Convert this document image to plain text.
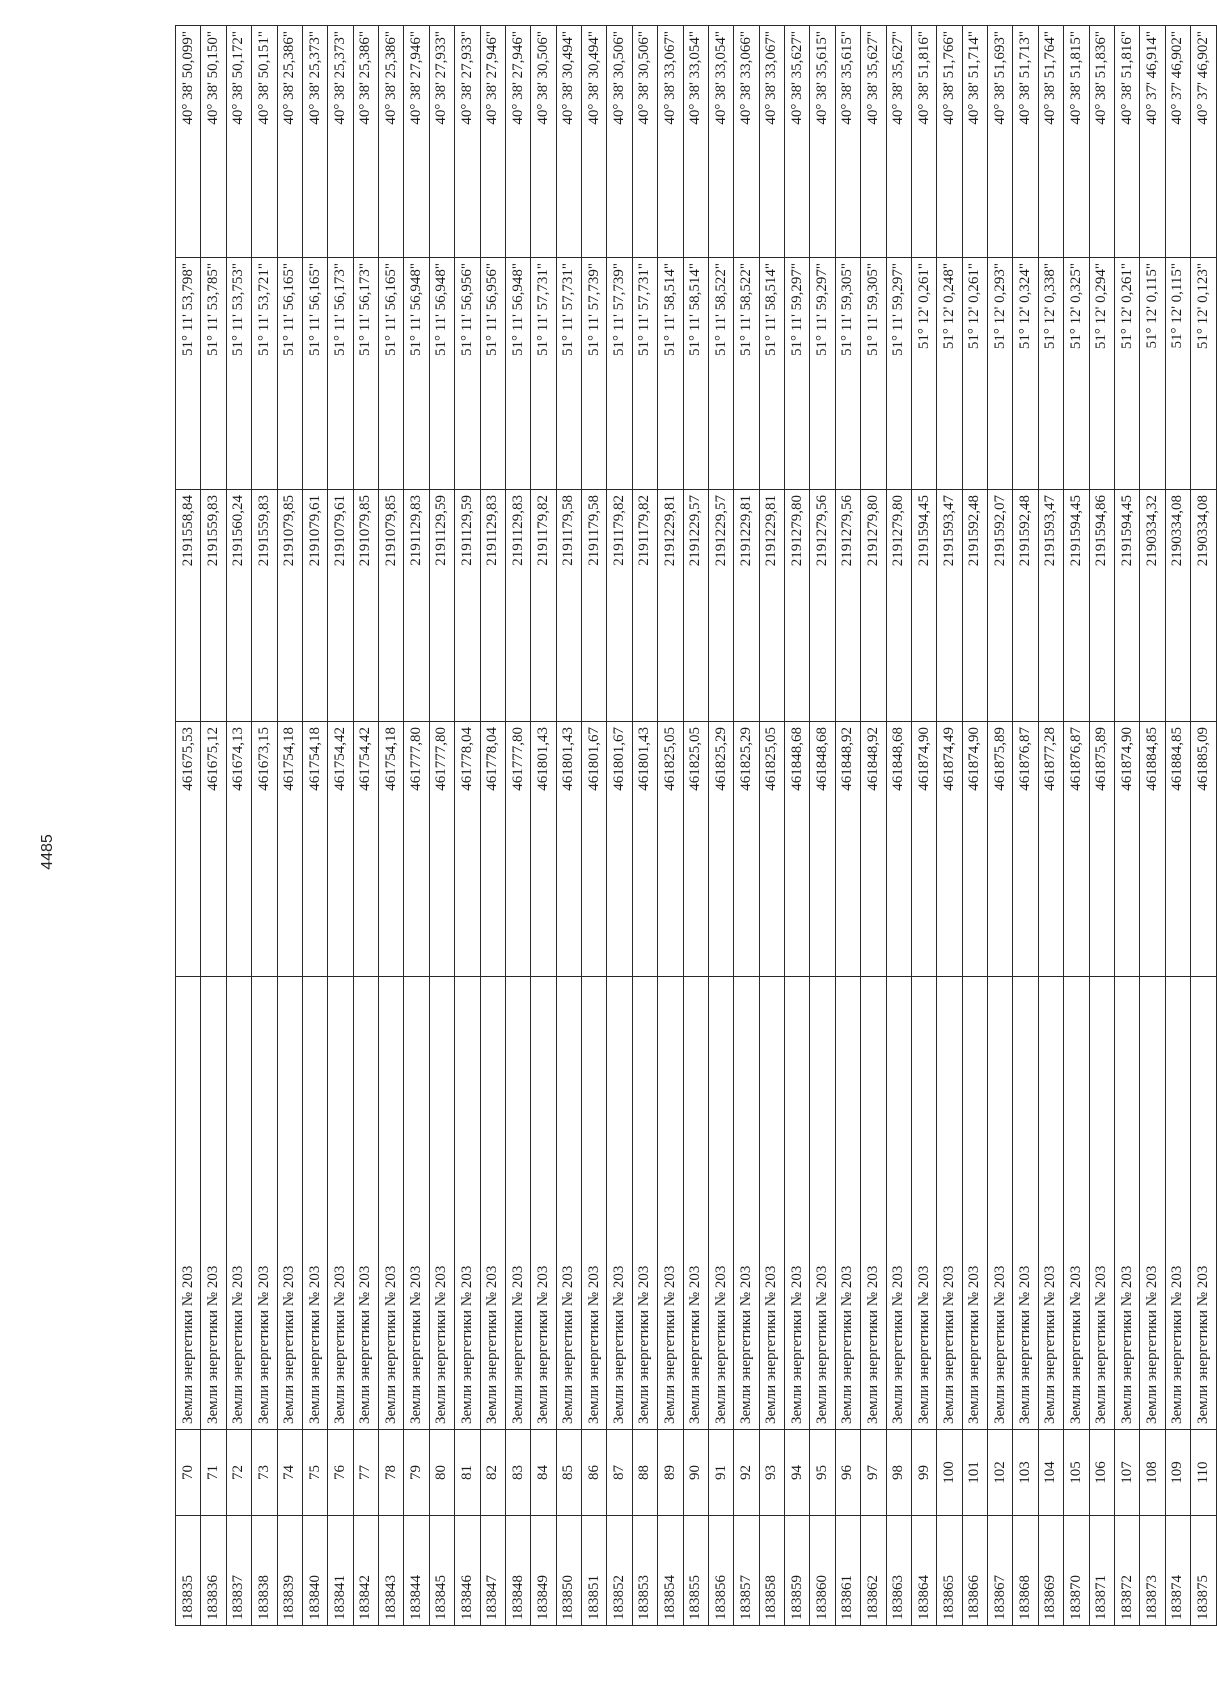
4485
183835	70	Земли энергетики № 203	461675,53	2191558,84	51° 11' 53,798"	40° 38' 50,099"
183836	71	Земли энергетики № 203	461675,12	2191559,83	51° 11' 53,785"	40° 38' 50,150"
183837	72	Земли энергетики № 203	461674,13	2191560,24	51° 11' 53,753"	40° 38' 50,172"
183838	73	Земли энергетики № 203	461673,15	2191559,83	51° 11' 53,721"	40° 38' 50,151"
183839	74	Земли энергетики № 203	461754,18	2191079,85	51° 11' 56,165"	40° 38' 25,386"
183840	75	Земли энергетики № 203	461754,18	2191079,61	51° 11' 56,165"	40° 38' 25,373"
183841	76	Земли энергетики № 203	461754,42	2191079,61	51° 11' 56,173"	40° 38' 25,373"
183842	77	Земли энергетики № 203	461754,42	2191079,85	51° 11' 56,173"	40° 38' 25,386"
183843	78	Земли энергетики № 203	461754,18	2191079,85	51° 11' 56,165"	40° 38' 25,386"
183844	79	Земли энергетики № 203	461777,80	2191129,83	51° 11' 56,948"	40° 38' 27,946"
183845	80	Земли энергетики № 203	461777,80	2191129,59	51° 11' 56,948"	40° 38' 27,933"
183846	81	Земли энергетики № 203	461778,04	2191129,59	51° 11' 56,956"	40° 38' 27,933"
183847	82	Земли энергетики № 203	461778,04	2191129,83	51° 11' 56,956"	40° 38' 27,946"
183848	83	Земли энергетики № 203	461777,80	2191129,83	51° 11' 56,948"	40° 38' 27,946"
183849	84	Земли энергетики № 203	461801,43	2191179,82	51° 11' 57,731"	40° 38' 30,506"
183850	85	Земли энергетики № 203	461801,43	2191179,58	51° 11' 57,731"	40° 38' 30,494"
183851	86	Земли энергетики № 203	461801,67	2191179,58	51° 11' 57,739"	40° 38' 30,494"
183852	87	Земли энергетики № 203	461801,67	2191179,82	51° 11' 57,739"	40° 38' 30,506"
183853	88	Земли энергетики № 203	461801,43	2191179,82	51° 11' 57,731"	40° 38' 30,506"
183854	89	Земли энергетики № 203	461825,05	2191229,81	51° 11' 58,514"	40° 38' 33,067"
183855	90	Земли энергетики № 203	461825,05	2191229,57	51° 11' 58,514"	40° 38' 33,054"
183856	91	Земли энергетики № 203	461825,29	2191229,57	51° 11' 58,522"	40° 38' 33,054"
183857	92	Земли энергетики № 203	461825,29	2191229,81	51° 11' 58,522"	40° 38' 33,066"
183858	93	Земли энергетики № 203	461825,05	2191229,81	51° 11' 58,514"	40° 38' 33,067"
183859	94	Земли энергетики № 203	461848,68	2191279,80	51° 11' 59,297"	40° 38' 35,627"
183860	95	Земли энергетики № 203	461848,68	2191279,56	51° 11' 59,297"	40° 38' 35,615"
183861	96	Земли энергетики № 203	461848,92	2191279,56	51° 11' 59,305"	40° 38' 35,615"
183862	97	Земли энергетики № 203	461848,92	2191279,80	51° 11' 59,305"	40° 38' 35,627"
183863	98	Земли энергетики № 203	461848,68	2191279,80	51° 11' 59,297"	40° 38' 35,627"
183864	99	Земли энергетики № 203	461874,90	2191594,45	51° 12' 0,261"	40° 38' 51,816"
183865	100	Земли энергетики № 203	461874,49	2191593,47	51° 12' 0,248"	40° 38' 51,766"
183866	101	Земли энергетики № 203	461874,90	2191592,48	51° 12' 0,261"	40° 38' 51,714"
183867	102	Земли энергетики № 203	461875,89	2191592,07	51° 12' 0,293"	40° 38' 51,693"
183868	103	Земли энергетики № 203	461876,87	2191592,48	51° 12' 0,324"	40° 38' 51,713"
183869	104	Земли энергетики № 203	461877,28	2191593,47	51° 12' 0,338"	40° 38' 51,764"
183870	105	Земли энергетики № 203	461876,87	2191594,45	51° 12' 0,325"	40° 38' 51,815"
183871	106	Земли энергетики № 203	461875,89	2191594,86	51° 12' 0,294"	40° 38' 51,836"
183872	107	Земли энергетики № 203	461874,90	2191594,45	51° 12' 0,261"	40° 38' 51,816"
183873	108	Земли энергетики № 203	461884,85	2190334,32	51° 12' 0,115"	40° 37' 46,914"
183874	109	Земли энергетики № 203	461884,85	2190334,08	51° 12' 0,115"	40° 37' 46,902"
183875	110	Земли энергетики № 203	461885,09	2190334,08	51° 12' 0,123"	40° 37' 46,902"
